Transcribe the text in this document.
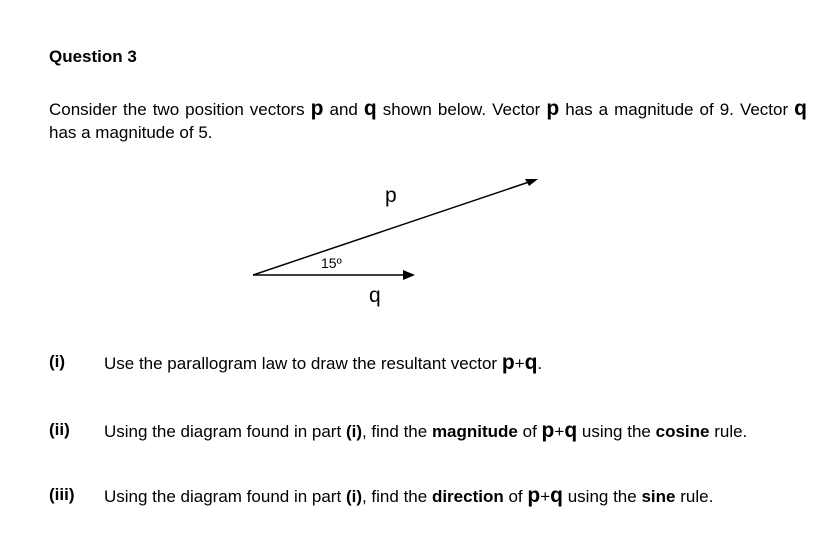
Question 3
Consider the two position vectors p and q shown below. Vector p has a magnitude of 9. Vector q has a magnitude of 5.
p
15º
q
(i) Use the parallogram law to draw the resultant vector p+q.
(ii) Using the diagram found in part (i), find the magnitude of p+q using the cosine rule.
(iii) Using the diagram found in part (i), find the direction of p+q using the sine rule.
